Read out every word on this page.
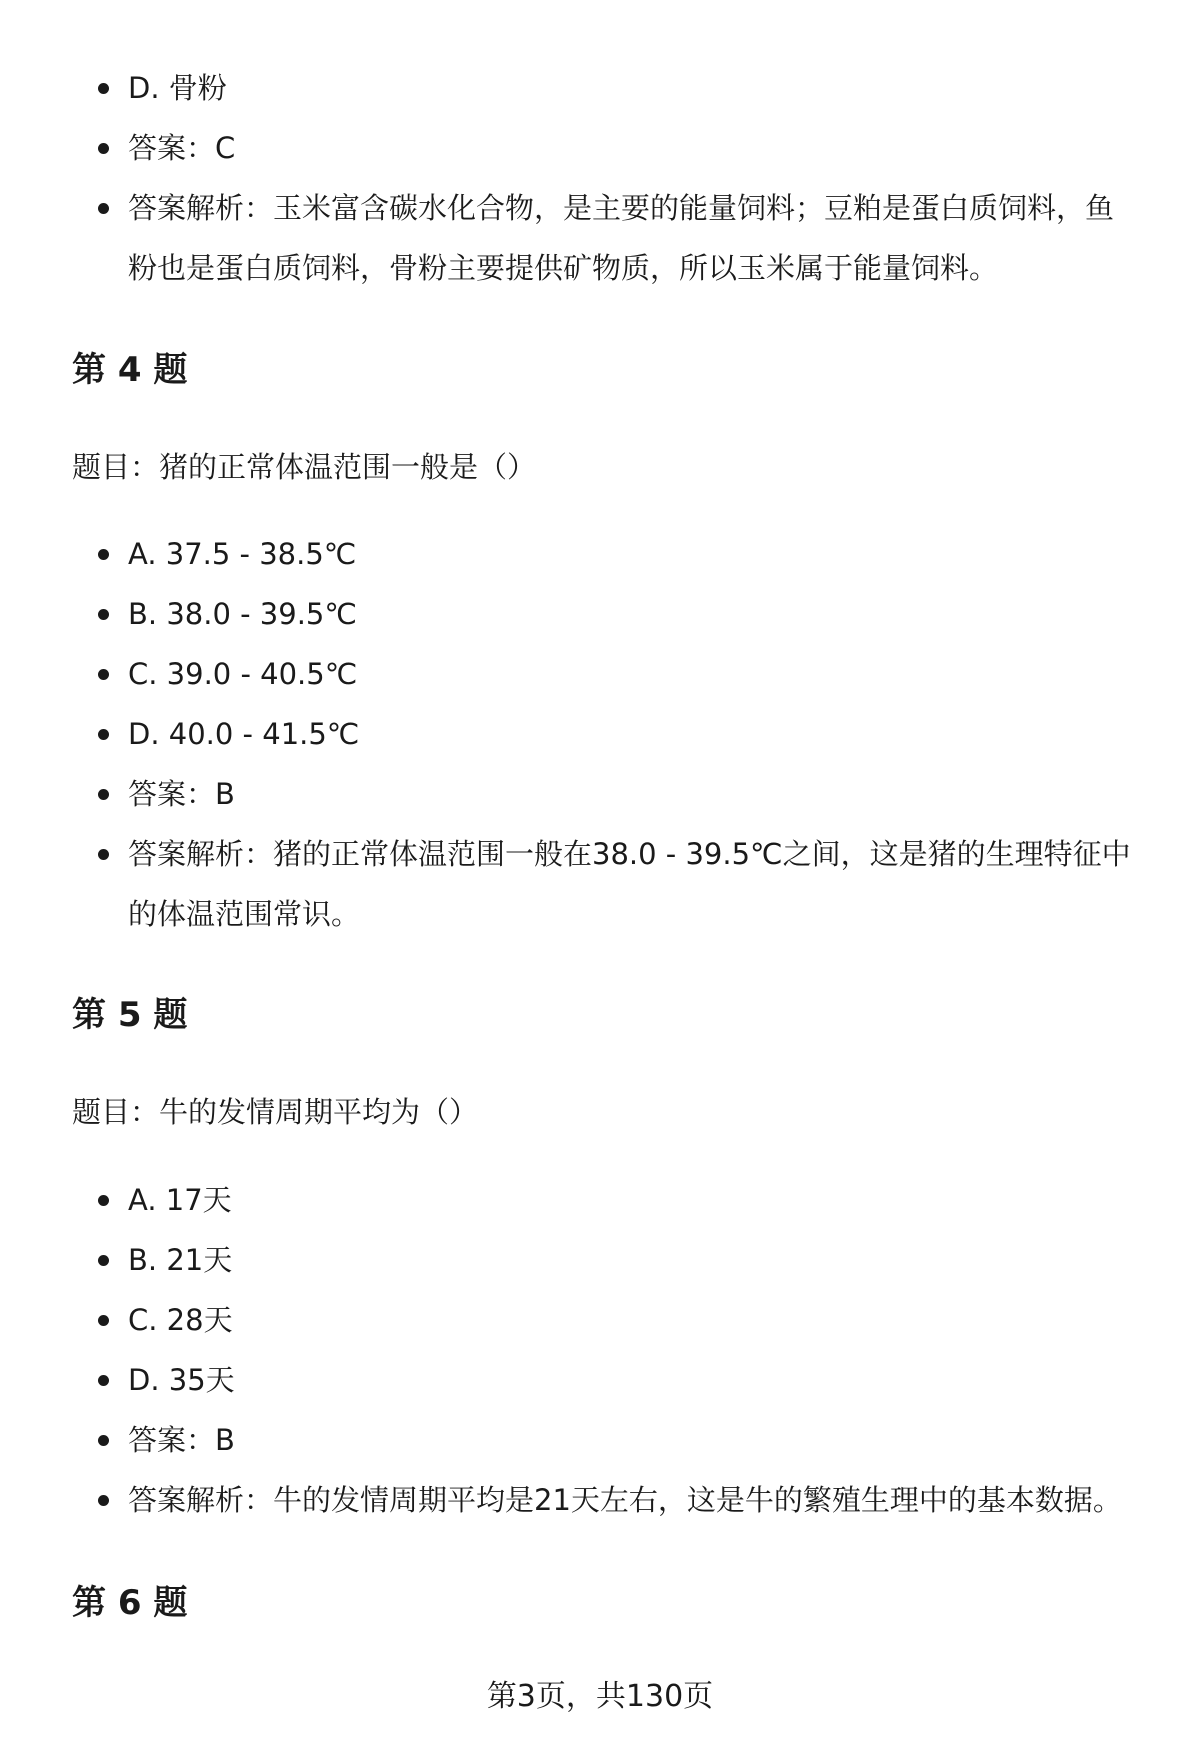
D. 骨粉
答案：C
答案解析：玉米富含碳水化合物，是主要的能量饲料；豆粕是蛋白质饲料，鱼粉也是蛋白质饲料，骨粉主要提供矿物质，所以玉米属于能量饲料。
第 4 题

题目：猪的正常体温范围一般是（）

A. 37.5 - 38.5℃
B. 38.0 - 39.5℃
C. 39.0 - 40.5℃
D. 40.0 - 41.5℃
答案：B
答案解析：猪的正常体温范围一般在38.0 - 39.5℃之间，这是猪的生理特征中的体温范围常识。
第 5 题

题目：牛的发情周期平均为（）

A. 17天
B. 21天
C. 28天
D. 35天
答案：B
答案解析：牛的发情周期平均是21天左右，这是牛的繁殖生理中的基本数据。
第 6 题
第3页，共130页
